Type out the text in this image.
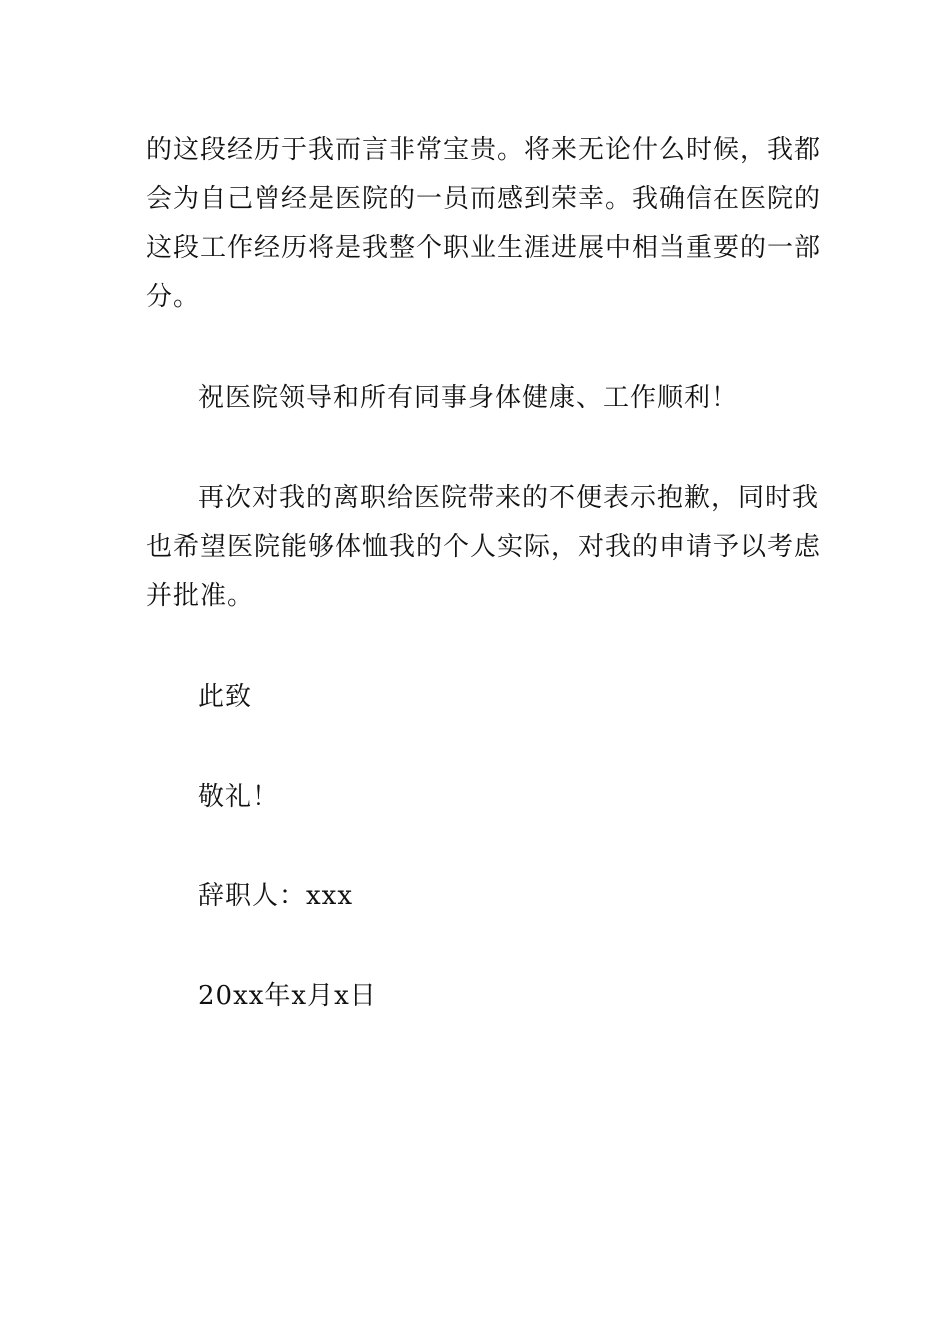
的这段经历于我而言非常宝贵。将来无论什么时候，我都
会为自己曾经是医院的一员而感到荣幸。我确信在医院的
这段工作经历将是我整个职业生涯进展中相当重要的一部
分。
祝医院领导和所有同事身体健康、工作顺利！
再次对我的离职给医院带来的不便表示抱歉，同时我
也希望医院能够体恤我的个人实际，对我的申请予以考虑
并批准。
此致
敬礼！
辞职人：xxx
20xx年x月x日
